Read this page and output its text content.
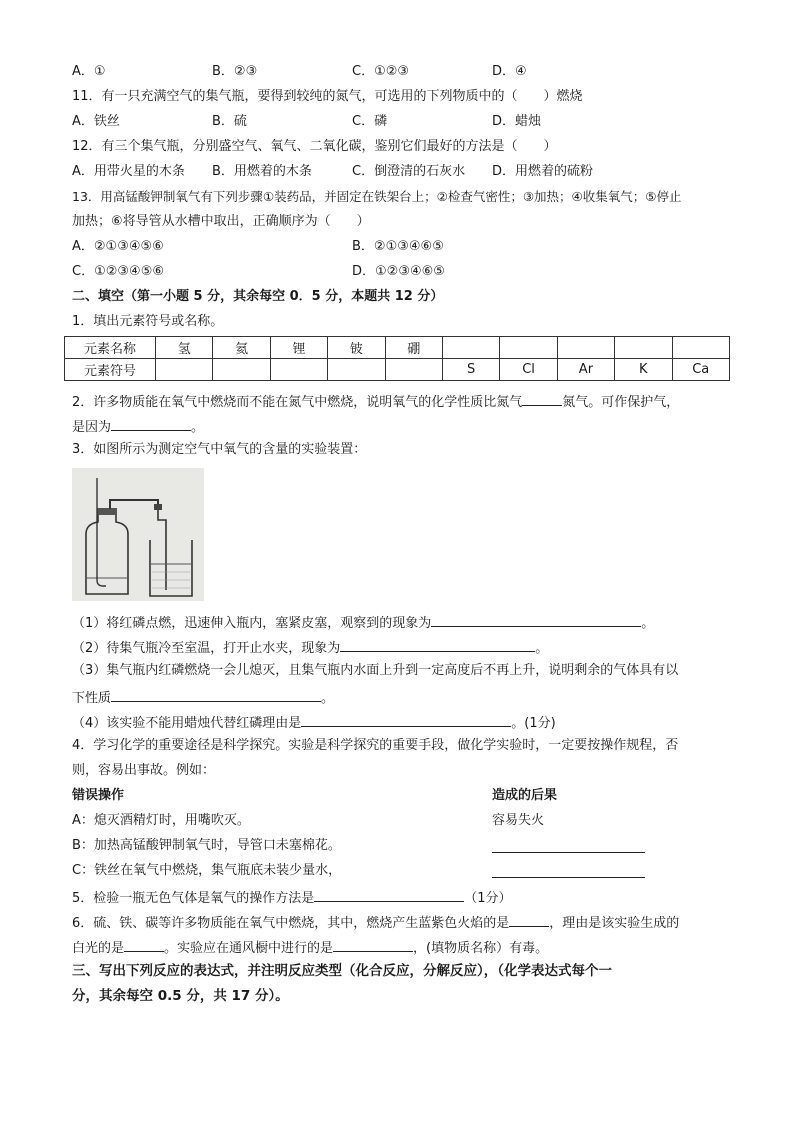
A．①	B．②③	C．①②③	D．④
11．有一只充满空气的集气瓶，要得到较纯的氮气，可选用的下列物质中的（　　）燃烧
A．铁丝	B．硫	C．磷	D．蜡烛
12．有三个集气瓶，分别盛空气、氧气、二氧化碳，鉴别它们最好的方法是（　　）
A．用带火星的木条 B．用燃着的木条	C．倒澄清的石灰水 D．用燃着的硫粉
13．用高锰酸钾制氧气有下列步骤①装药品，并固定在铁架台上；②检查气密性；③加热；④收集氧气；⑤停止
加热；⑥将导管从水槽中取出，正确顺序为（　　）
A．②①③④⑤⑥	B．②①③④⑥⑤
C．①②③④⑤⑥	D．①②③④⑥⑤
二、填空（第一小题 5 分，其余每空 0．5 分，本题共 12 分）
1．填出元素符号或名称。
元素名称	氢	氦	锂	铍	硼					
元素符号						S	Cl	Ar	K	Ca
2．许多物质能在氧气中燃烧而不能在氮气中燃烧，说明氧气的化学性质比氮气	氮气。可作保护气，
是因为	。
3．如图所示为测定空气中氧气的含量的实验装置：
（1）将红磷点燃，迅速伸入瓶内，塞紧皮塞，观察到的现象为	。
（2）待集气瓶冷至室温，打开止水夹，现象为	。
（3）集气瓶内红磷燃烧一会儿熄灭，且集气瓶内水面上升到一定高度后不再上升，说明剩余的气体具有以
下性质	。
（4）该实验不能用蜡烛代替红磷理由是	。(1分)
4．学习化学的重要途径是科学探究。实验是科学探究的重要手段，做化学实验时，一定要按操作规程，否
则，容易出事故。例如：
错误操作	造成的后果
A：熄灭酒精灯时，用嘴吹灭。	容易失火
B：加热高锰酸钾制氧气时，导管口未塞棉花。
C：铁丝在氧气中燃烧，集气瓶底未装少量水，
5．检验一瓶无色气体是氧气的操作方法是	（1分）
6．硫、铁、碳等许多物质能在氧气中燃烧，其中，燃烧产生蓝紫色火焰的是	，理由是该实验生成的
白光的是	。实验应在通风橱中进行的是	，(填物质名称）有毒。
三、写出下列反应的表达式，并注明反应类型（化合反应，分解反应），（化学表达式每个一
分，其余每空 0.5 分，共 17 分）。
